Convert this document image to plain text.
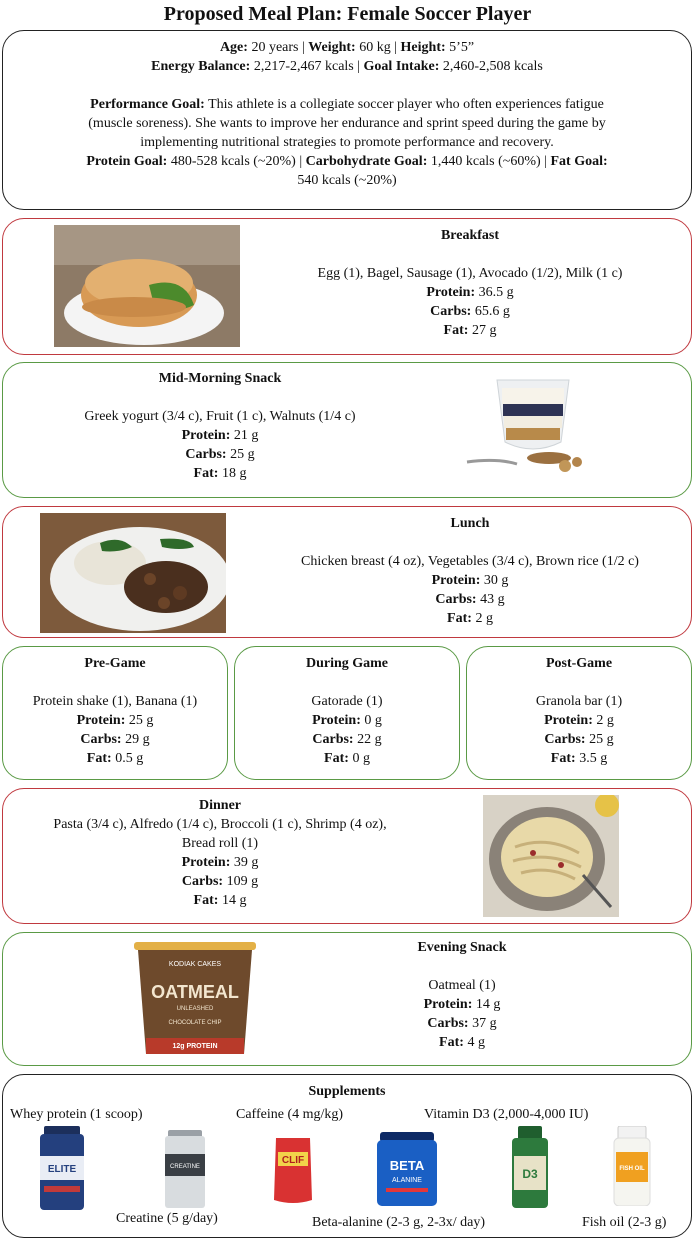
Proposed Meal Plan: Female Soccer Player
Age: 20 years | Weight: 60 kg | Height: 5’5”
Energy Balance: 2,217-2,467 kcals | Goal Intake: 2,460-2,508 kcals
Performance Goal: This athlete is a collegiate soccer player who often experiences fatigue
(muscle soreness). She wants to improve her endurance and sprint speed during the game by
implementing nutritional strategies to promote performance and recovery.
Protein Goal: 480-528 kcals (~20%) | Carbohydrate Goal: 1,440 kcals (~60%) | Fat Goal:
540 kcals (~20%)
Breakfast
Egg (1), Bagel, Sausage (1), Avocado (1/2), Milk (1 c)
Protein: 36.5 g
Carbs: 65.6 g
Fat: 27 g
Mid-Morning Snack
Greek yogurt (3/4 c), Fruit (1 c), Walnuts (1/4 c)
Protein: 21 g
Carbs: 25 g
Fat: 18 g
Lunch
Chicken breast (4 oz), Vegetables (3/4 c), Brown rice (1/2 c)
Protein: 30 g
Carbs: 43 g
Fat: 2 g
Pre-Game
Protein shake (1), Banana (1)
Protein: 25 g
Carbs: 29 g
Fat: 0.5 g
During Game
Gatorade (1)
Protein: 0 g
Carbs: 22 g
Fat: 0 g
Post-Game
Granola bar (1)
Protein: 2 g
Carbs: 25 g
Fat: 3.5 g
Dinner
Pasta (3/4 c), Alfredo (1/4 c), Broccoli (1 c), Shrimp (4 oz),
Bread roll (1)
Protein: 39 g
Carbs: 109 g
Fat: 14 g
KODIAK CAKES
OATMEAL
UNLEASHED
CHOCOLATE CHIP
12g PROTEIN
Evening Snack
Oatmeal (1)
Protein: 14 g
Carbs: 37 g
Fat: 4 g
Supplements
Whey protein (1 scoop)	Caffeine (4 mg/kg)	Vitamin D3 (2,000-4,000 IU)
ELITE	CREATINE
CLIF	BETA
ALANINE	D3	FISH OIL
Creatine (5 g/day)	Beta-alanine (2-3 g, 2-3x/ day)	Fish oil (2-3 g)
